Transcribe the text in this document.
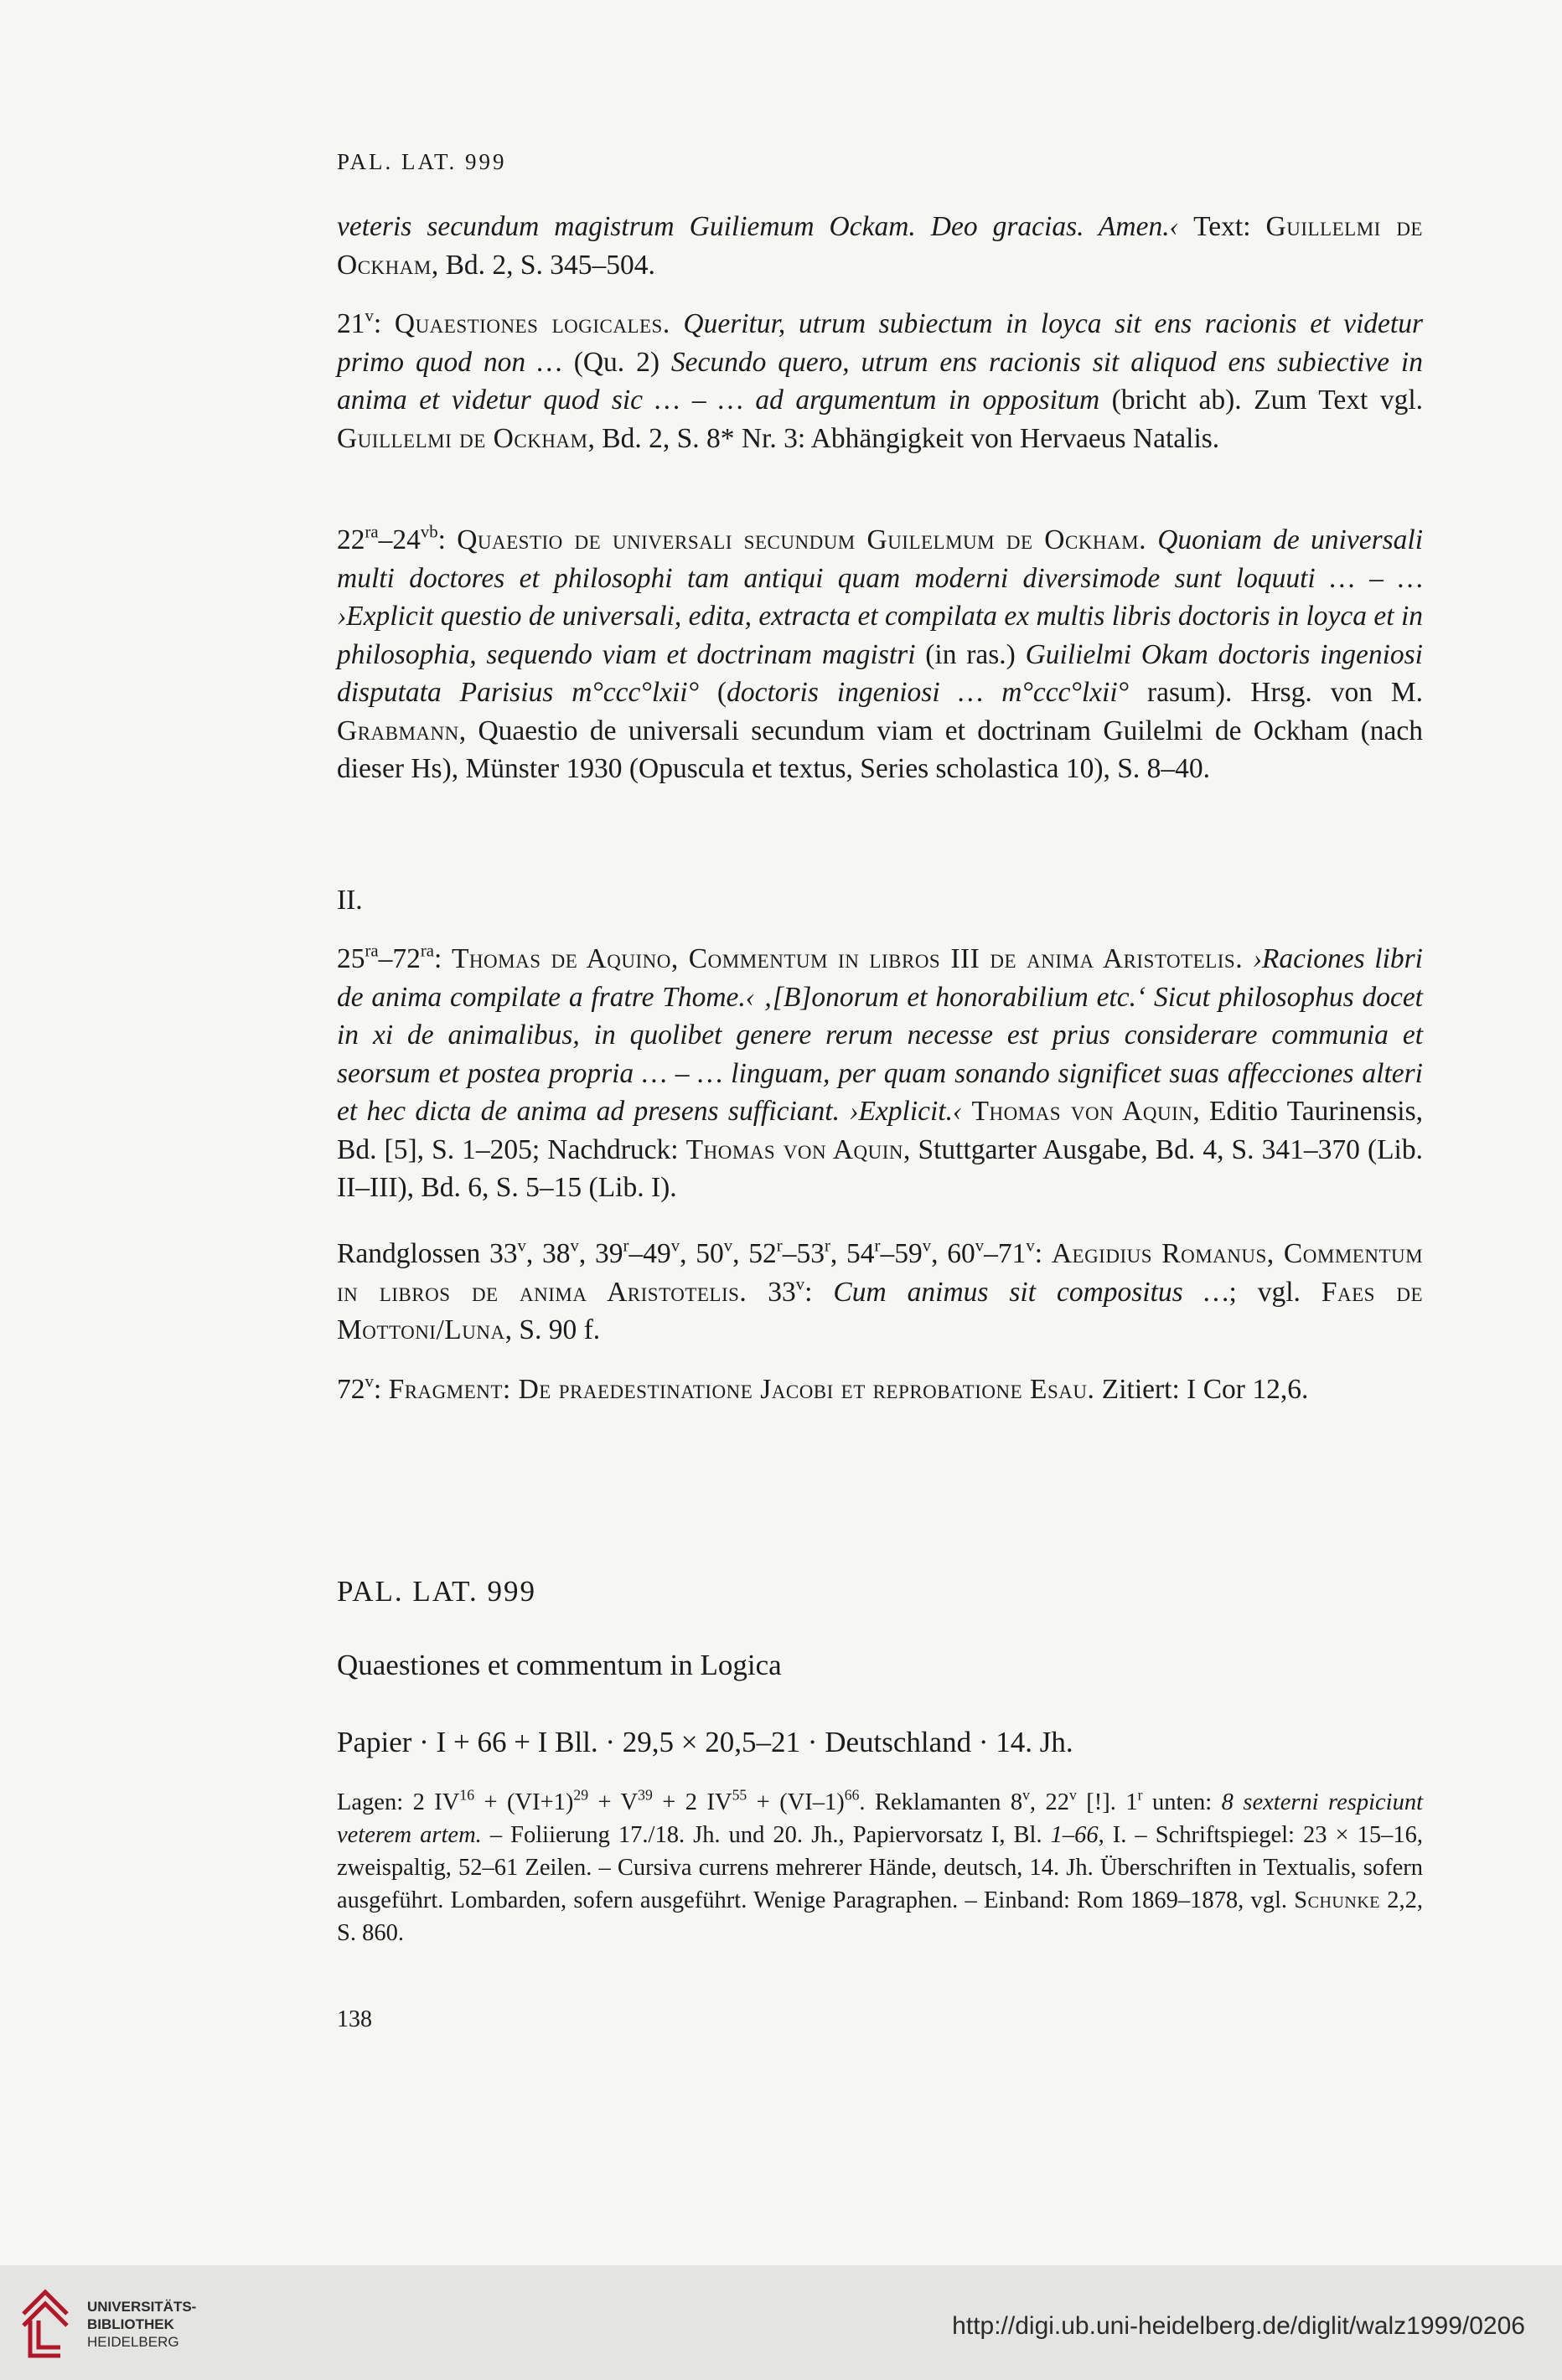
PAL. LAT. 999
veteris secundum magistrum Guiliemum Ockam. Deo gracias. Amen.‹ Text: Guillelmi de Ockham, Bd. 2, S. 345–504.
21$^v$: Quaestiones logicales. Queritur, utrum subiectum in loyca sit ens racionis et videtur primo quod non … (Qu. 2) Secundo quero, utrum ens racionis sit aliquod ens subiective in anima et videtur quod sic … – … ad argumentum in oppositum (bricht ab). Zum Text vgl. Guillelmi de Ockham, Bd. 2, S. 8* Nr. 3: Abhängigkeit von Hervaeus Natalis.
$22^{ra}-24^{vb}$: Quaestio de universali secundum Guilelmum de Ockham. Quoniam de universali multi doctores et philosophi tam antiqui quam moderni diversimode sunt loquuti … – … ›Explicit questio de universali, edita, extracta et compilata ex multis libris doctoris in loyca et in philosophia, sequendo viam et doctrinam magistri (in ras.) Guilielmi Okam doctoris ingeniosi disputata Parisius m°ccc°lxii° (doctoris ingeniosi … m°ccc°lxii° rasum). Hrsg. von M. Grabmann, Quaestio de universali secundum viam et doctrinam Guilelmi de Ockham (nach dieser Hs), Münster 1930 (Opuscula et textus, Series scholastica 10), S. 8–40.
II.
$25^{ra}-72^{ra}$: Thomas de Aquino, Commentum in libros III de anima Aristotelis. ›Raciones libri de anima compilate a fratre Thome.‹ ‚[B]onorum et honorabilium etc.‘ Sicut philosophus docet in xi de animalibus, in quolibet genere rerum necesse est prius considerare communia et seorsum et postea propria … – … linguam, per quam sonando significet suas affecciones alteri et hec dicta de anima ad presens sufficiant. ›Explicit.‹ Thomas von Aquin, Editio Taurinensis, Bd. [5], S. 1–205; Nachdruck: Thomas von Aquin, Stuttgarter Ausgabe, Bd. 4, S. 341–370 (Lib. II–III), Bd. 6, S. 5–15 (Lib. I).
Randglossen 33$^v$, 38$^v$, 39$^r$–49$^v$, 50$^v$, 52$^r$–53$^r$, 54$^r$–59$^v$, 60$^v$–71$^v$: Aegidius Romanus, Commentum in libros de anima Aristotelis. 33$^v$: Cum animus sit compositus …; vgl. Faes de Mottoni/Luna, S. 90 f.
72$^v$: Fragment: De praedestinatione Jacobi et reprobatione Esau. Zitiert: I Cor 12,6.
PAL. LAT. 999
Quaestiones et commentum in Logica
Papier · I + 66 + I Bll. · 29,5 × 20,5–21 · Deutschland · 14. Jh.
Lagen: 2 $IV^{16} + (VI+1)^{29} + V^{39} + 2$ $IV^{55} + (VI-1)^{66}$. Reklamanten 8$^v$, 22$^v$ [!]. 1$^r$ unten: 8 sexterni respiciunt veterem artem. – Foliierung 17./18. Jh. und 20. Jh., Papiervorsatz I, Bl. 1–66, I. – Schriftspiegel: 23 × 15–16, zweispaltig, 52–61 Zeilen. – Cursiva currens mehrerer Hände, deutsch, 14. Jh. Überschriften in Textualis, sofern ausgeführt. Lombarden, sofern ausgeführt. Wenige Paragraphen. – Einband: Rom 1869–1878, vgl. Schunke 2,2, S. 860.
138
UNIVERSITÄTS-
BIBLIOTHEK
HEIDELBERG
http://digi.ub.uni-heidelberg.de/diglit/walz1999/0206
